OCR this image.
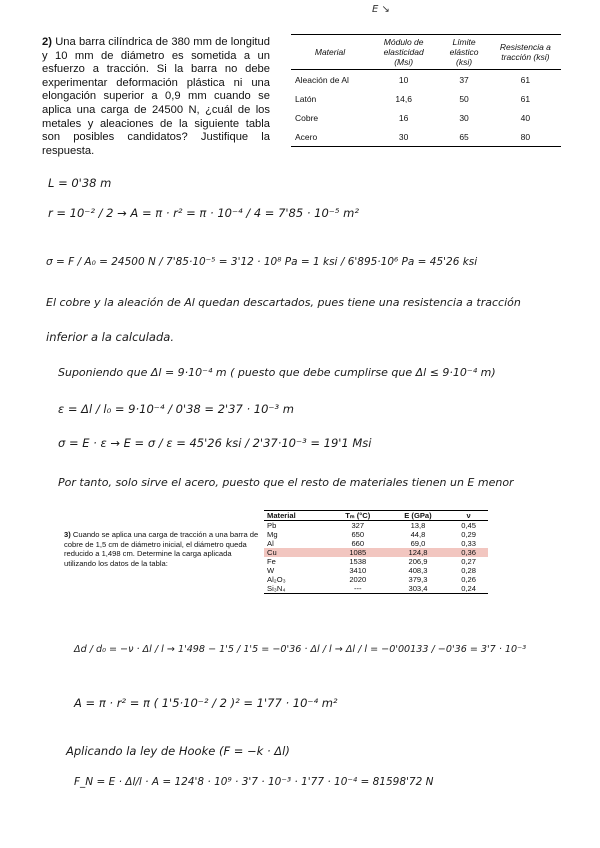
E ↘
2) Una barra cilíndrica de 380 mm de longitud y 10 mm de diámetro es sometida a un esfuerzo a tracción. Si la barra no debe experimentar deformación plástica ni una elongación superior a 0,9 mm cuando se aplica una carga de 24500 N, ¿cuál de los metales y aleaciones de la siguiente tabla son posibles candidatos? Justifique la respuesta.
Material	Módulo de elasticidad (Msi)	Límite elástico (ksi)	Resistencia a tracción (ksi)
Aleación de Al	10	37	61
Latón	14,6	50	61
Cobre	16	30	40
Acero	30	65	80
L = 0'38 m
r = 10⁻² / 2 → A = π · r² = π · 10⁻⁴ / 4 = 7'85 · 10⁻⁵ m²
σ = F / A₀ = 24500 N / 7'85·10⁻⁵ = 3'12 · 10⁸ Pa = 1 ksi / 6'895·10⁶ Pa = 45'26 ksi
El cobre y la aleación de Al quedan descartados, pues tiene una resistencia a tracción
inferior a la calculada.
Suponiendo que Δl = 9·10⁻⁴ m ( puesto que debe cumplirse que Δl ≤ 9·10⁻⁴ m)
ε = Δl / l₀ = 9·10⁻⁴ / 0'38 = 2'37 · 10⁻³ m
σ = E · ε → E = σ / ε = 45'26 ksi / 2'37·10⁻³ = 19'1 Msi
Por tanto, solo sirve el acero, puesto que el resto de materiales tienen un E menor
3) Cuando se aplica una carga de tracción a una barra de cobre de 1,5 cm de diámetro inicial, el diámetro queda reducido a 1,498 cm. Determine la carga aplicada utilizando los datos de la tabla:
Material	Tₘ (°C)	E (GPa)	ν
Pb	327	13,8	0,45
Mg	650	44,8	0,29
Al	660	69,0	0,33
Cu	1085	124,8	0,36
Fe	1538	206,9	0,27
W	3410	408,3	0,28
Al₂O₃	2020	379,3	0,26
Si₃N₄	---	303,4	0,24
Δd / d₀ = −ν · Δl / l → 1'498 − 1'5 / 1'5 = −0'36 · Δl / l → Δl / l = −0'00133 / −0'36 = 3'7 · 10⁻³
A = π · r² = π ( 1'5·10⁻² / 2 )² = 1'77 · 10⁻⁴ m²
Aplicando la ley de Hooke (F = −k · Δl)
F_N = E · Δl/l · A = 124'8 · 10⁹ · 3'7 · 10⁻³ · 1'77 · 10⁻⁴ = 81598'72 N
